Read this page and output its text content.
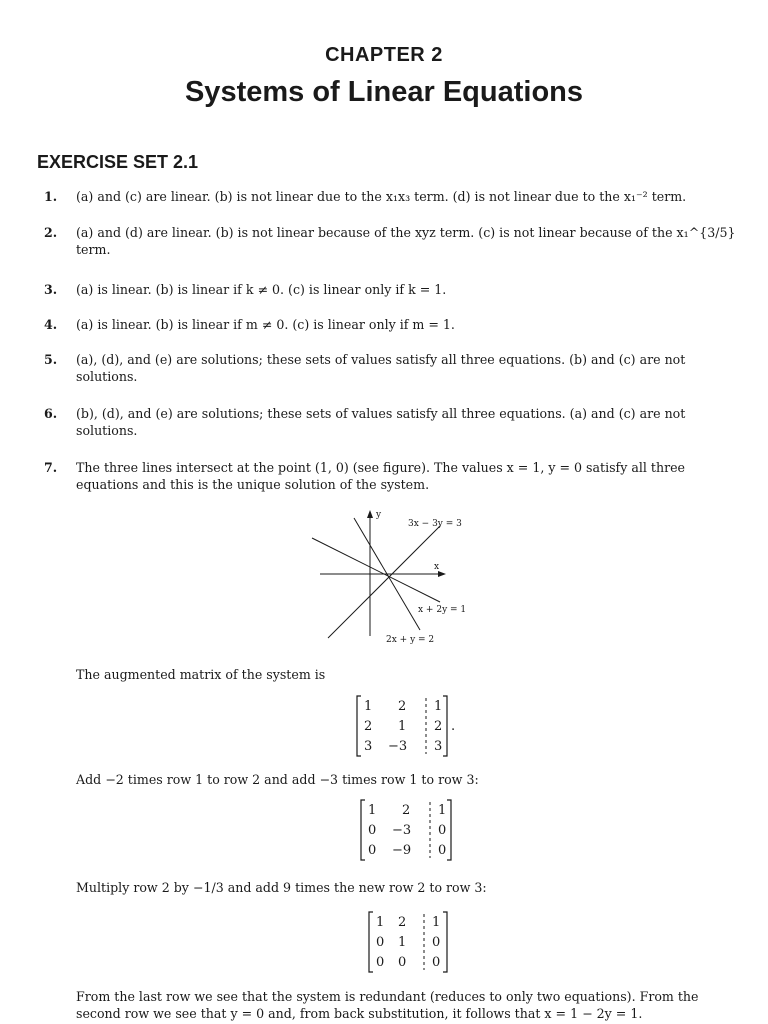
CHAPTER 2
Systems of Linear Equations
EXERCISE SET 2.1
1.	(a) and (c) are linear. (b) is not linear due to the x₁x₃ term. (d) is not linear due to the x₁⁻² term.
2.	(a) and (d) are linear. (b) is not linear because of the xyz term. (c) is not linear because of the x₁^{3/5} term.
3.	(a) is linear. (b) is linear if k ≠ 0. (c) is linear only if k = 1.
4.	(a) is linear. (b) is linear if m ≠ 0. (c) is linear only if m = 1.
5.	(a), (d), and (e) are solutions; these sets of values satisfy all three equations. (b) and (c) are not solutions.
6.	(b), (d), and (e) are solutions; these sets of values satisfy all three equations. (a) and (c) are not solutions.
7.	The three lines intersect at the point (1, 0) (see figure). The values x = 1, y = 0 satisfy all three equations and this is the unique solution of the system.
y
x
3x − 3y = 3
x + 2y = 1
2x + y = 2
The augmented matrix of the system is
1 2 1
2 1 2
3 −3 3
.
Add −2 times row 1 to row 2 and add −3 times row 1 to row 3:
1 2 1
0 −3 0
0 −9 0
Multiply row 2 by −1/3 and add 9 times the new row 2 to row 3:
1 2 1
0 1 0
0 0 0
From the last row we see that the system is redundant (reduces to only two equations). From the second row we see that y = 0 and, from back substitution, it follows that x = 1 − 2y = 1.
